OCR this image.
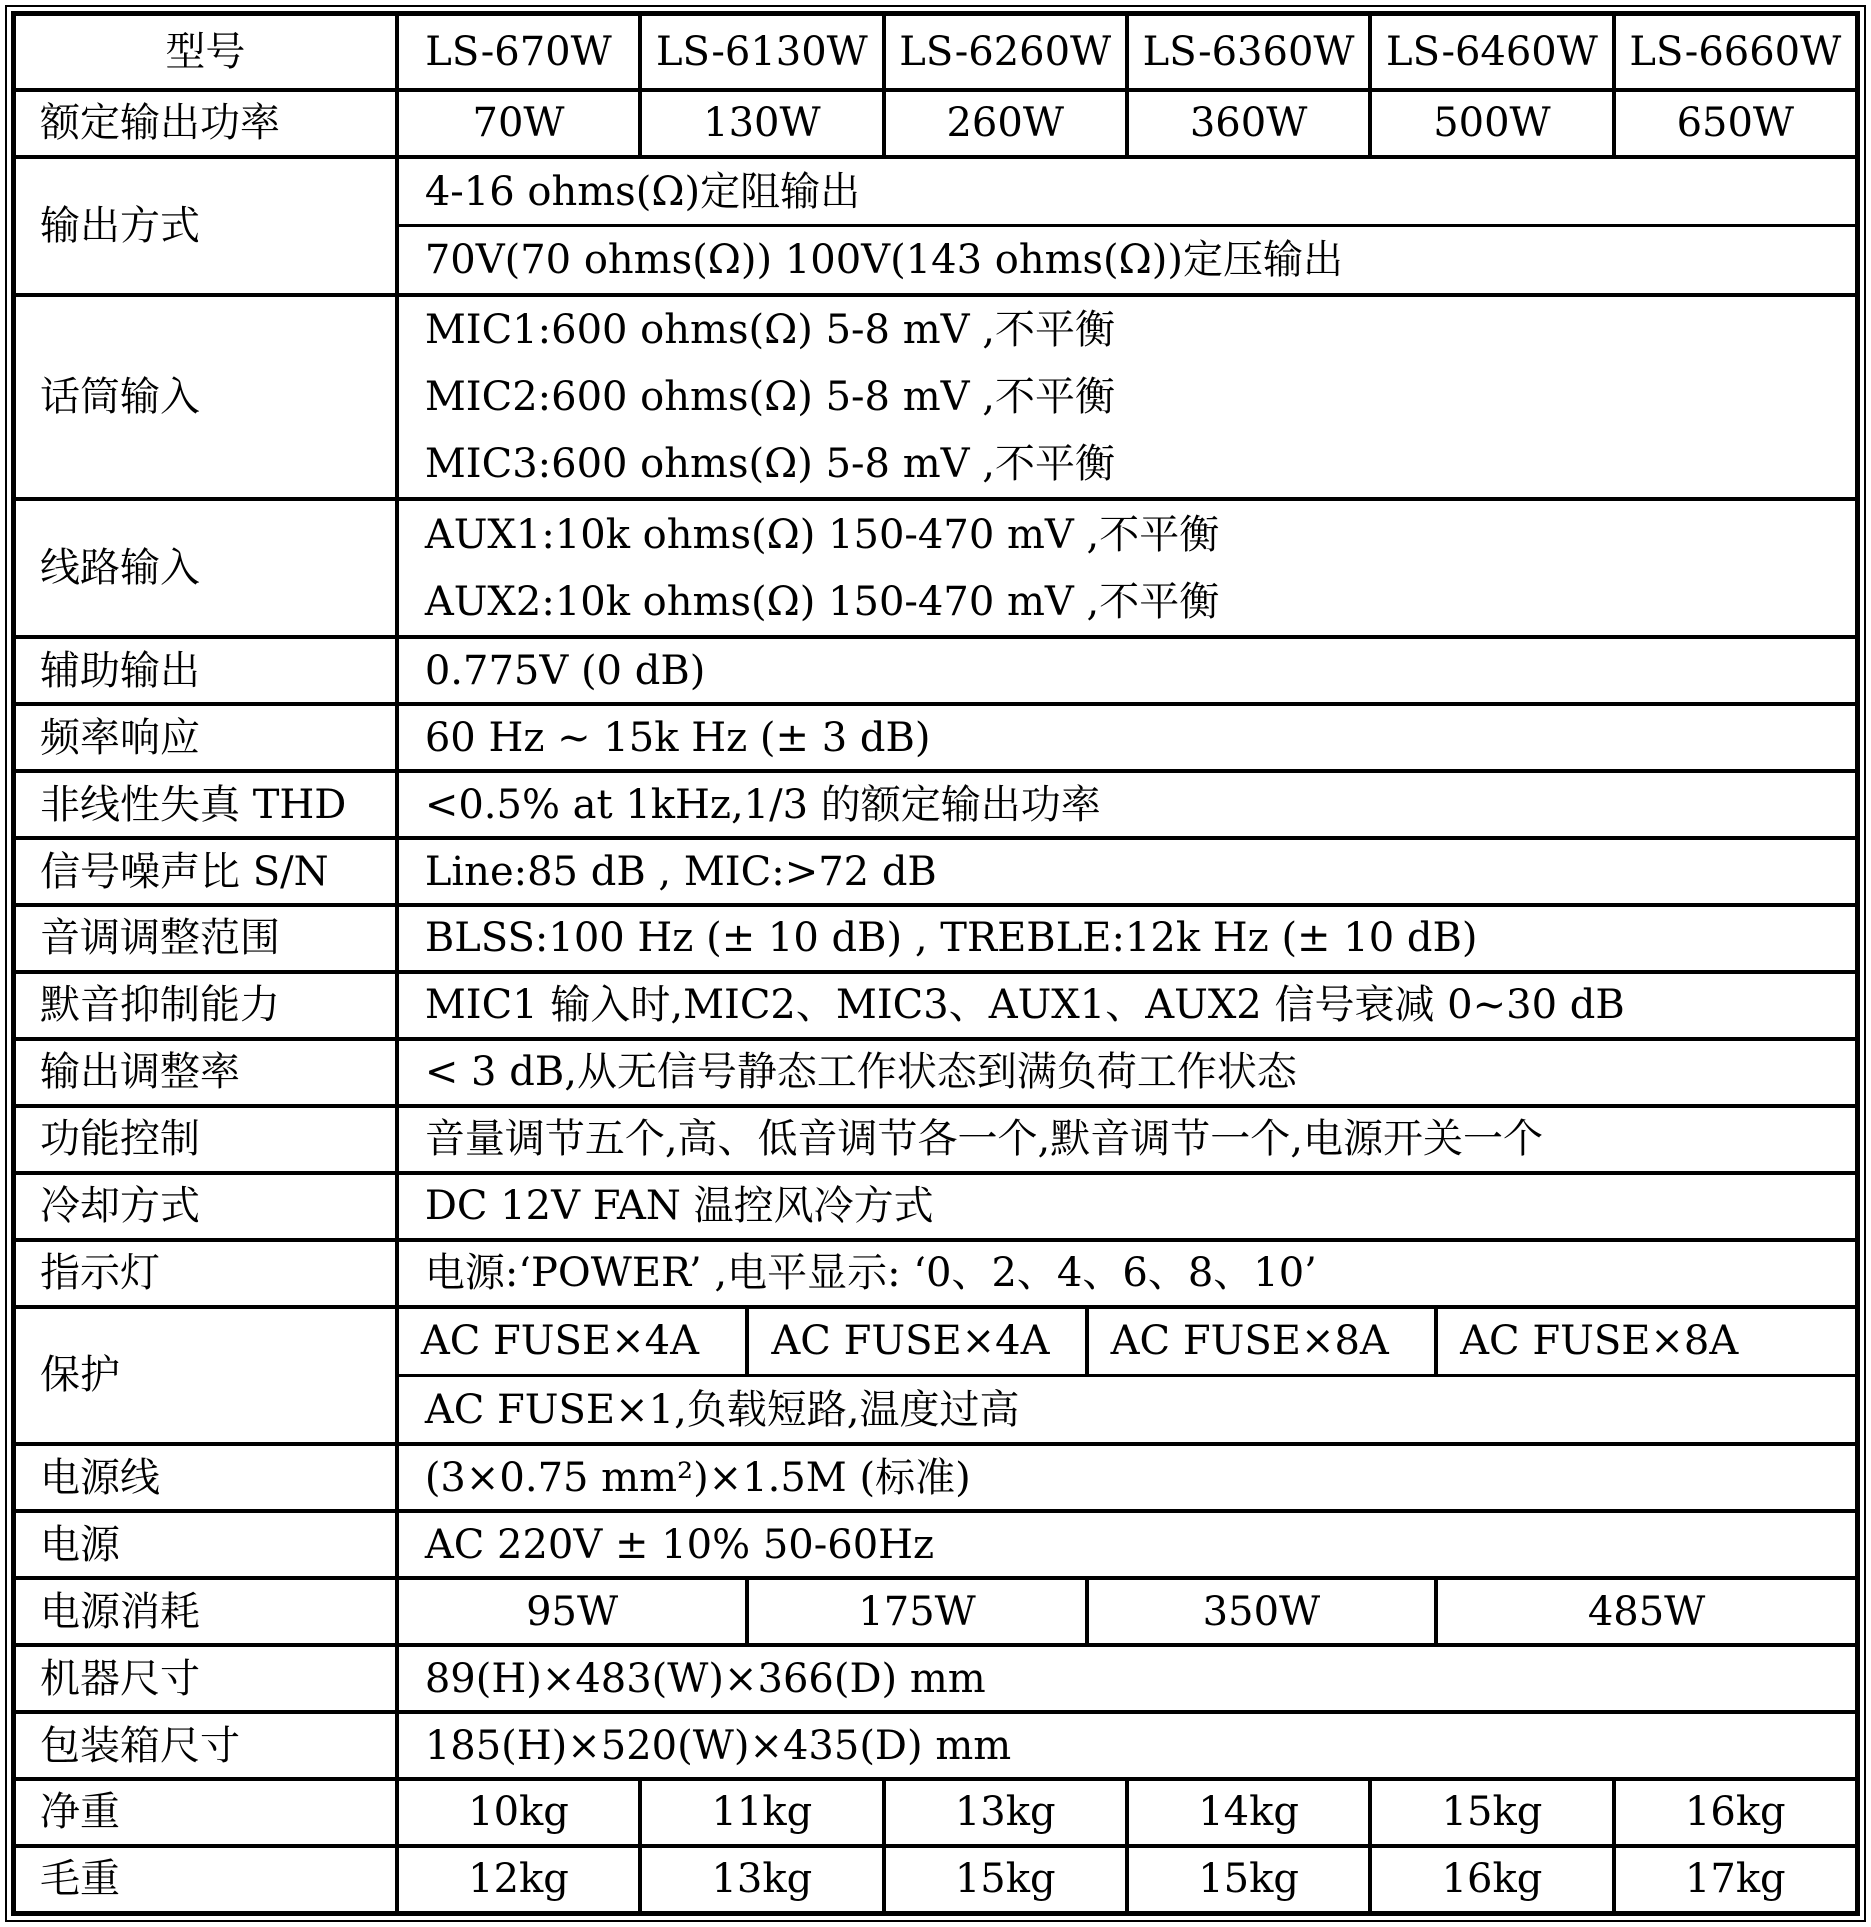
型号	LS-670W	LS-6130W LS-6260W LS-6360W LS-6460W LS-6660W
额定输出功率	70W	130W	260W	360W	500W	650W
输出方式
4-16 ohms(Ω)定阻输出
70V(70 ohms(Ω)) 100V(143 ohms(Ω))定压输出
话筒输入
MIC1:600 ohms(Ω) 5-8 mV ,不平衡
MIC2:600 ohms(Ω) 5-8 mV ,不平衡
MIC3:600 ohms(Ω) 5-8 mV ,不平衡
线路输入
AUX1:10k ohms(Ω) 150-470 mV ,不平衡
AUX2:10k ohms(Ω) 150-470 mV ,不平衡
辅助输出	0.775V (0 dB)
频率响应	60 Hz ~ 15k Hz (± 3 dB)
非线性失真 THD	<0.5% at 1kHz,1/3 的额定输出功率
信号噪声比 S/N	Line:85 dB , MIC:>72 dB
音调调整范围	BLSS:100 Hz (± 10 dB) , TREBLE:12k Hz (± 10 dB)
默音抑制能力	MIC1 输入时,MIC2、MIC3、AUX1、AUX2 信号衰减 0~30 dB
输出调整率	< 3 dB,从无信号静态工作状态到满负荷工作状态
功能控制	音量调节五个,高、低音调节各一个,默音调节一个,电源开关一个
冷却方式	DC 12V FAN 温控风冷方式
指示灯	电源:‘POWER’ ,电平显示: ‘0、2、4、6、8、10’
保护
AC FUSE×4A	AC FUSE×4A	AC FUSE×8A	AC FUSE×8A
AC FUSE×1,负载短路,温度过高
电源线	(3×0.75 mm²)×1.5M (标准)
电源	AC 220V ± 10% 50-60Hz
电源消耗	95W	175W	350W	485W
机器尺寸	89(H)×483(W)×366(D) mm
包装箱尺寸	185(H)×520(W)×435(D) mm
净重	10kg	11kg	13kg	14kg	15kg	16kg
毛重	12kg	13kg	15kg	15kg	16kg	17kg
